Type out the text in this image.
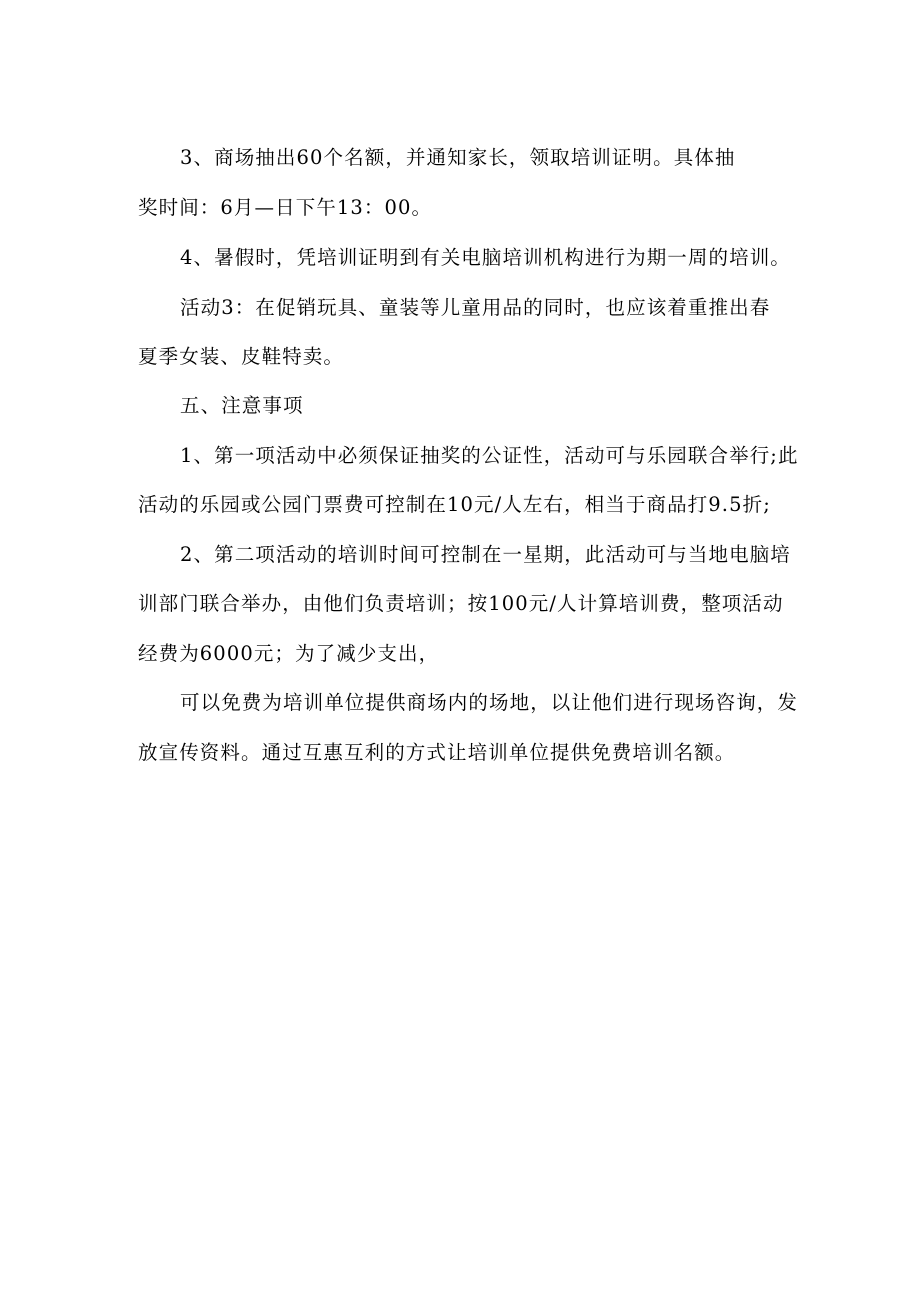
3、商场抽出60个名额，并通知家长，领取培训证明。具体抽
奖时间：6月—日下午13：00。
4、暑假时，凭培训证明到有关电脑培训机构进行为期一周的培训。
活动3：在促销玩具、童装等儿童用品的同时，也应该着重推出春
夏季女装、皮鞋特卖。
五、注意事项
1、第一项活动中必须保证抽奖的公证性，活动可与乐园联合举行;此
活动的乐园或公园门票费可控制在10元/人左右，相当于商品打9.5折;
2、第二项活动的培训时间可控制在一星期，此活动可与当地电脑培
训部门联合举办，由他们负责培训；按100元/人计算培训费，整项活动
经费为6000元；为了减少支出，
可以免费为培训单位提供商场内的场地，以让他们进行现场咨询，发
放宣传资料。通过互惠互利的方式让培训单位提供免费培训名额。
